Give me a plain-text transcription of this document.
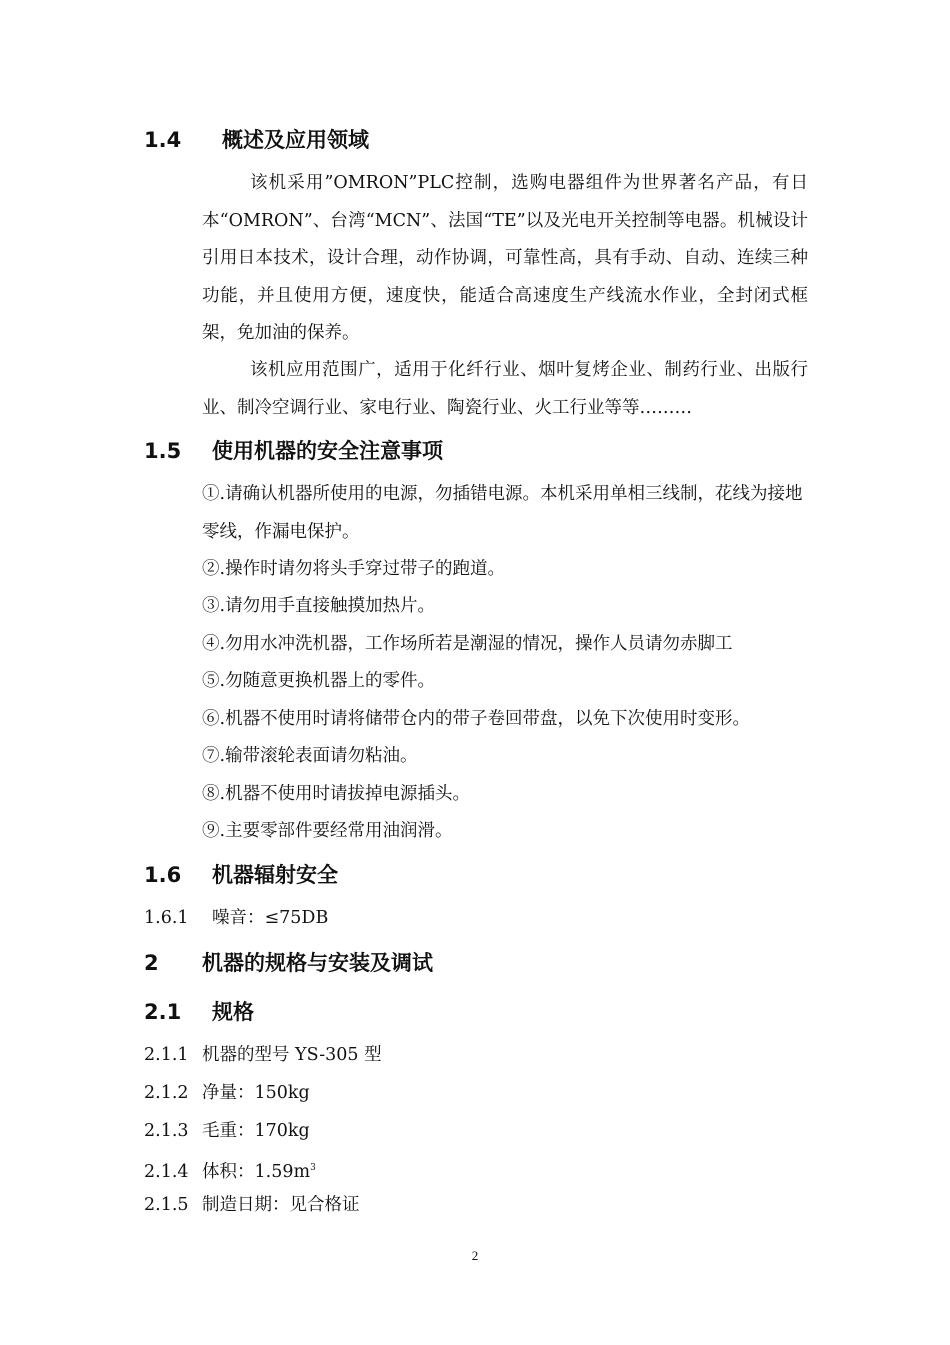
1.4 概述及应用领域
该机采用”OMRON”PLC控制，选购电器组件为世界著名产品，有日本“OMRON”、台湾“MCN”、法国“TE”以及光电开关控制等电器。机械设计引用日本技术，设计合理，动作协调，可靠性高，具有手动、自动、连续三种功能，并且使用方便，速度快，能适合高速度生产线流水作业，全封闭式框架，免加油的保养。
该机应用范围广，适用于化纤行业、烟叶复烤企业、制药行业、出版行业、制冷空调行业、家电行业、陶瓷行业、火工行业等等………
1.5 使用机器的安全注意事项
①.请确认机器所使用的电源，勿插错电源。本机采用单相三线制，花线为接地零线，作漏电保护。
②.操作时请勿将头手穿过带子的跑道。
③.请勿用手直接触摸加热片。
④.勿用水冲洗机器，工作场所若是潮湿的情况，操作人员请勿赤脚工
⑤.勿随意更换机器上的零件。
⑥.机器不使用时请将储带仓内的带子卷回带盘，以免下次使用时变形。
⑦.输带滚轮表面请勿粘油。
⑧.机器不使用时请拔掉电源插头。
⑨.主要零部件要经常用油润滑。
1.6 机器辐射安全
1.6.1 噪音：≤75DB
2 机器的规格与安装及调试
2.1 规格
2.1.1 机器的型号 YS-305 型
2.1.2 净量：150kg
2.1.3 毛重：170kg
2.1.4 体积：$1.59m^3$
2.1.5 制造日期：见合格证
2
